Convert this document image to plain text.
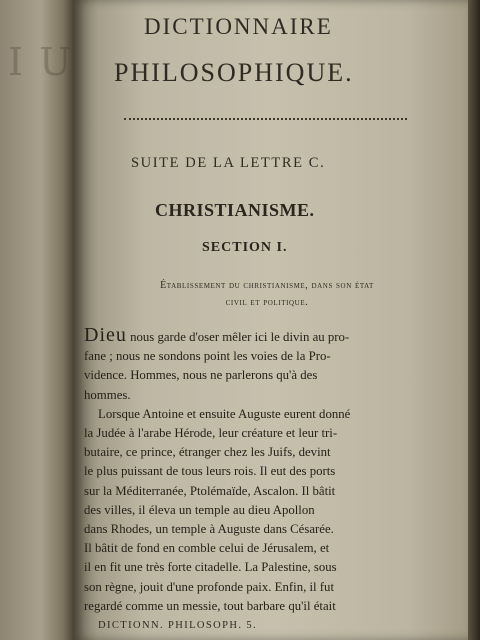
I U
DICTIONNAIRE
PHILOSOPHIQUE.
SUITE DE LA LETTRE C.
CHRISTIANISME.
SECTION I.
Établissement du christianisme, dans son état
civil et politique.
Dieu nous garde d'oser mêler ici le divin au pro-
fane ; nous ne sondons point les voies de la Pro-
vidence. Hommes, nous ne parlerons qu'à des
hommes.
Lorsque Antoine et ensuite Auguste eurent donné
la Judée à l'arabe Hérode, leur créature et leur tri-
butaire, ce prince, étranger chez les Juifs, devint
le plus puissant de tous leurs rois. Il eut des ports
sur la Méditerranée, Ptolémaïde, Ascalon. Il bâtit
des villes, il éleva un temple au dieu Apollon
dans Rhodes, un temple à Auguste dans Césarée.
Il bâtit de fond en comble celui de Jérusalem, et
il en fit une très forte citadelle. La Palestine, sous
son règne, jouit d'une profonde paix. Enfin, il fut
regardé comme un messie, tout barbare qu'il était
DICTIONN. PHILOSOPH. 5.
